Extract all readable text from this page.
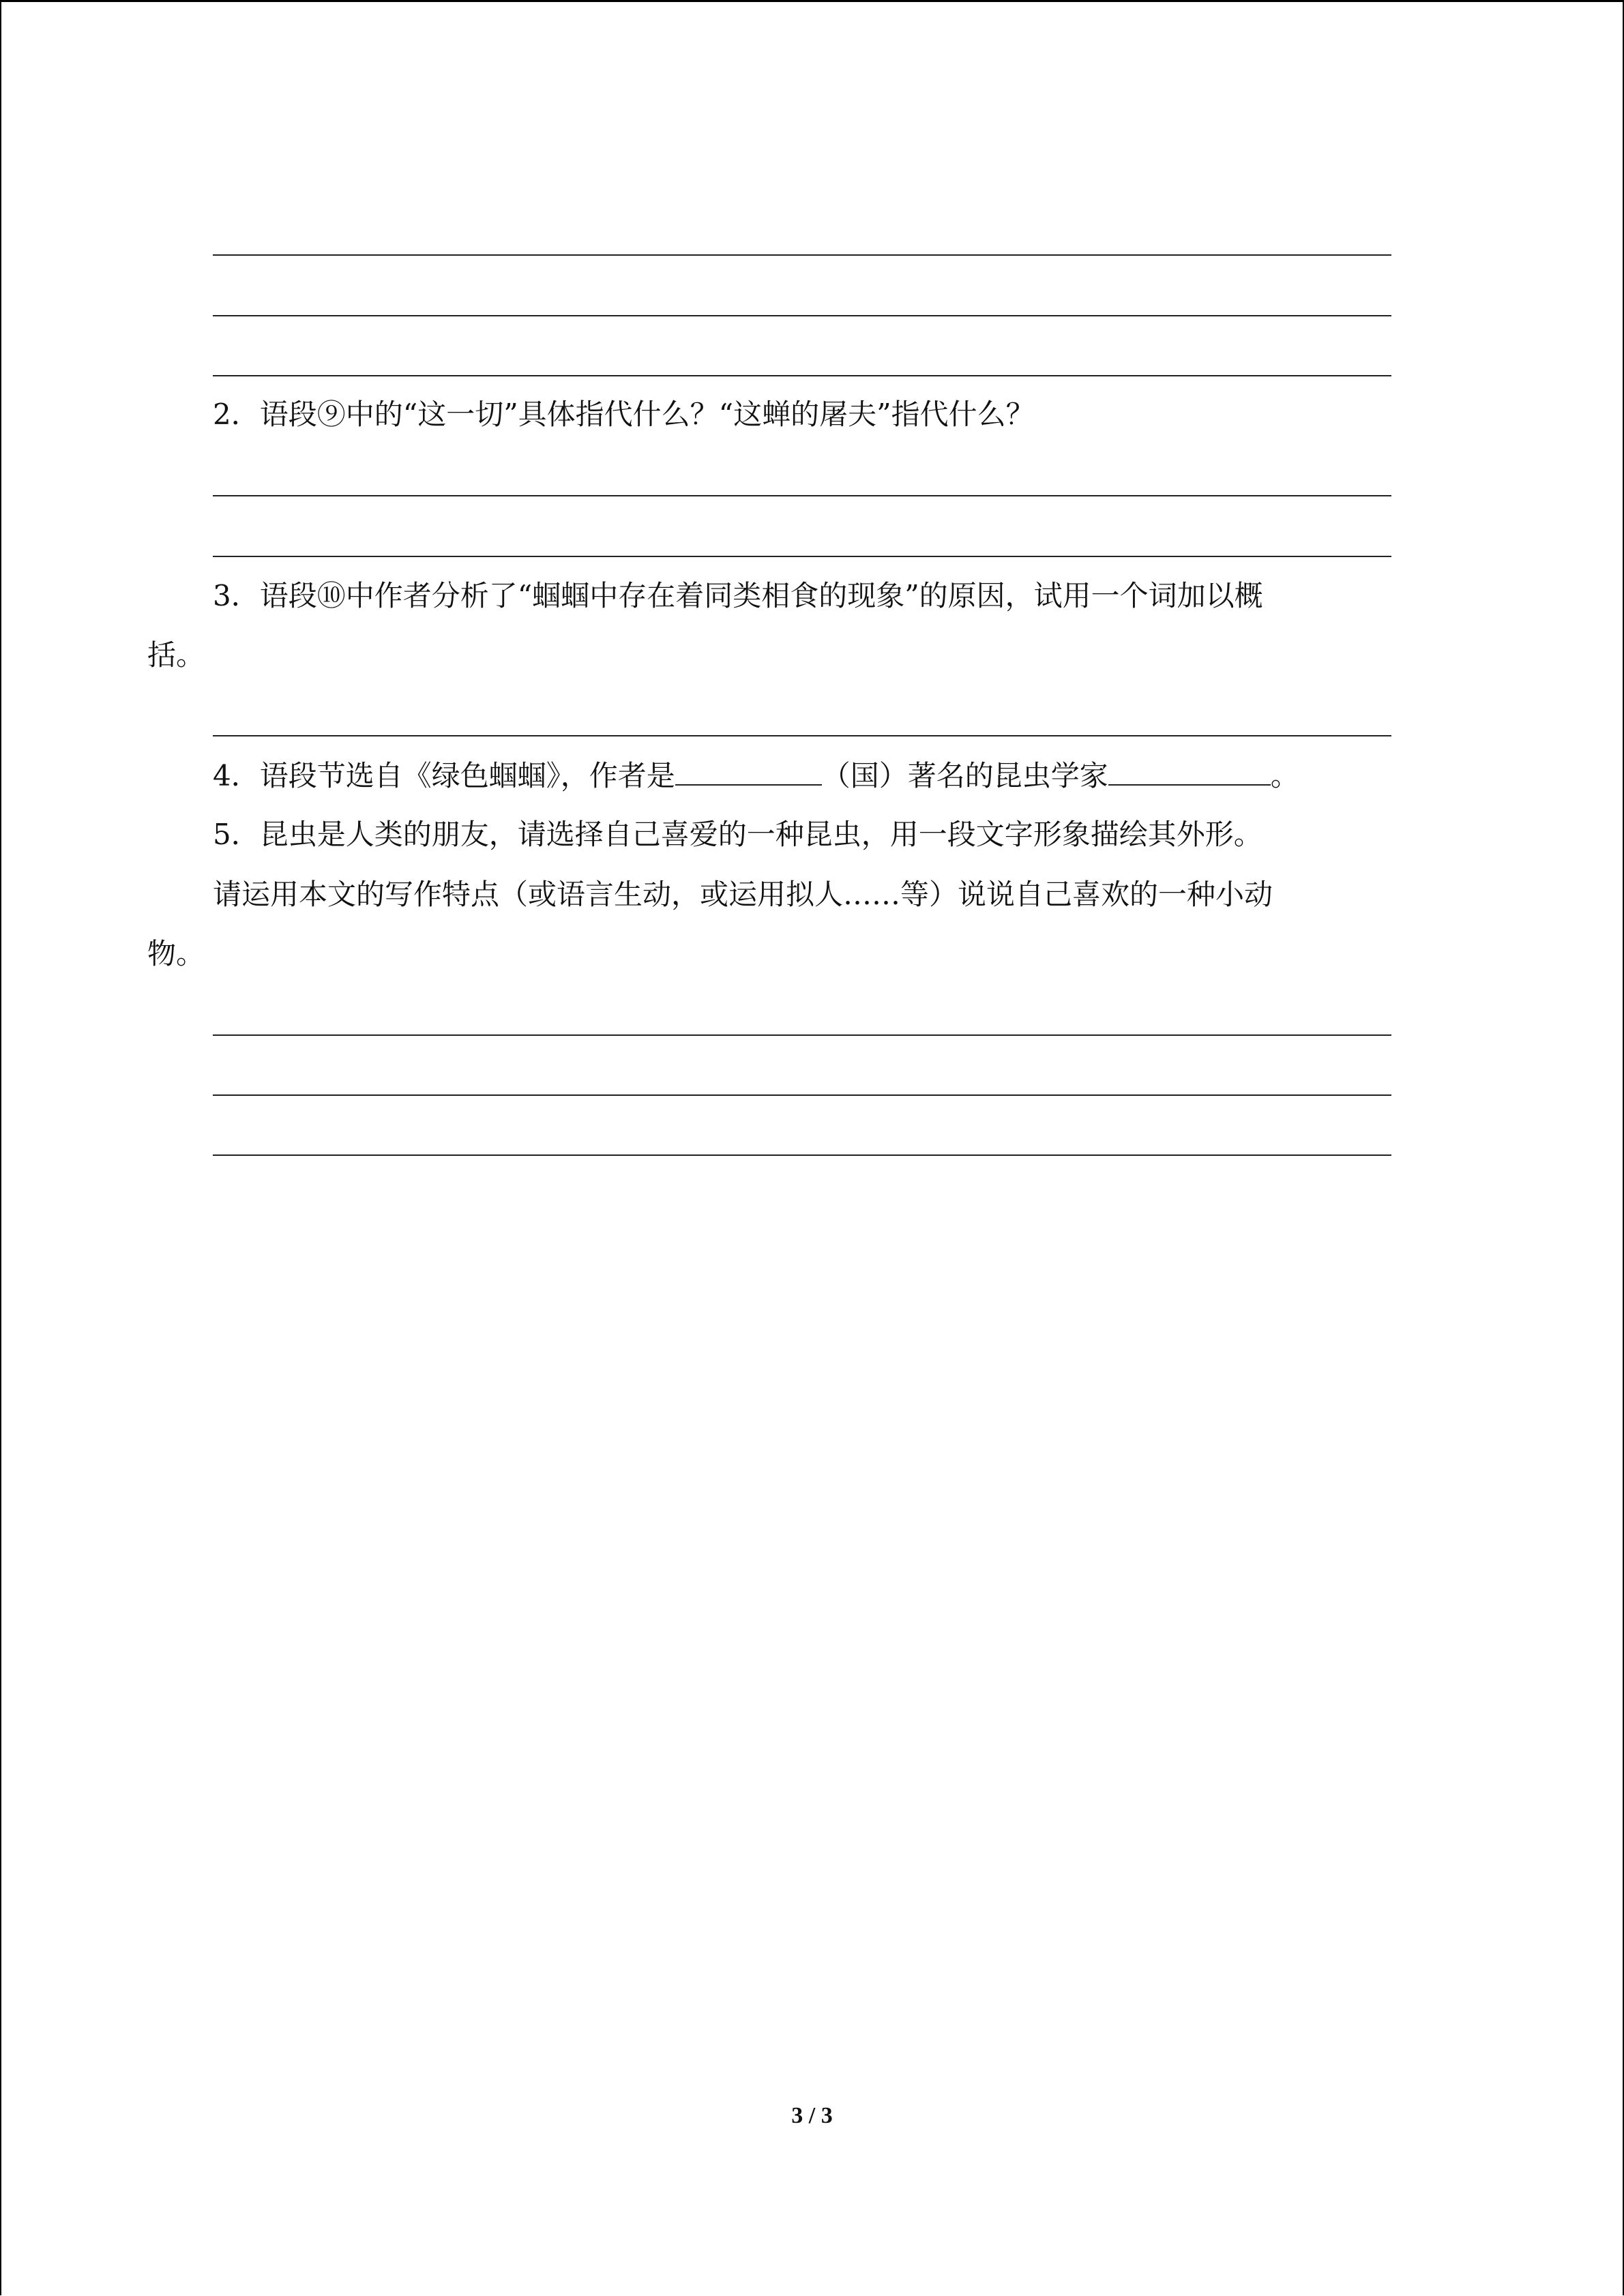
2．语段⑨中的“这一切”具体指代什么？“这蝉的屠夫”指代什么？
3．语段⑩中作者分析了“蝈蝈中存在着同类相食的现象”的原因，试用一个词加以概
括。
4．语段节选自《绿色蝈蝈》，作者是	（国）著名的昆虫学家	。
5．昆虫是人类的朋友，请选择自己喜爱的一种昆虫，用一段文字形象描绘其外形。
请运用本文的写作特点（或语言生动，或运用拟人……等）说说自己喜欢的一种小动
物。
3 / 3
